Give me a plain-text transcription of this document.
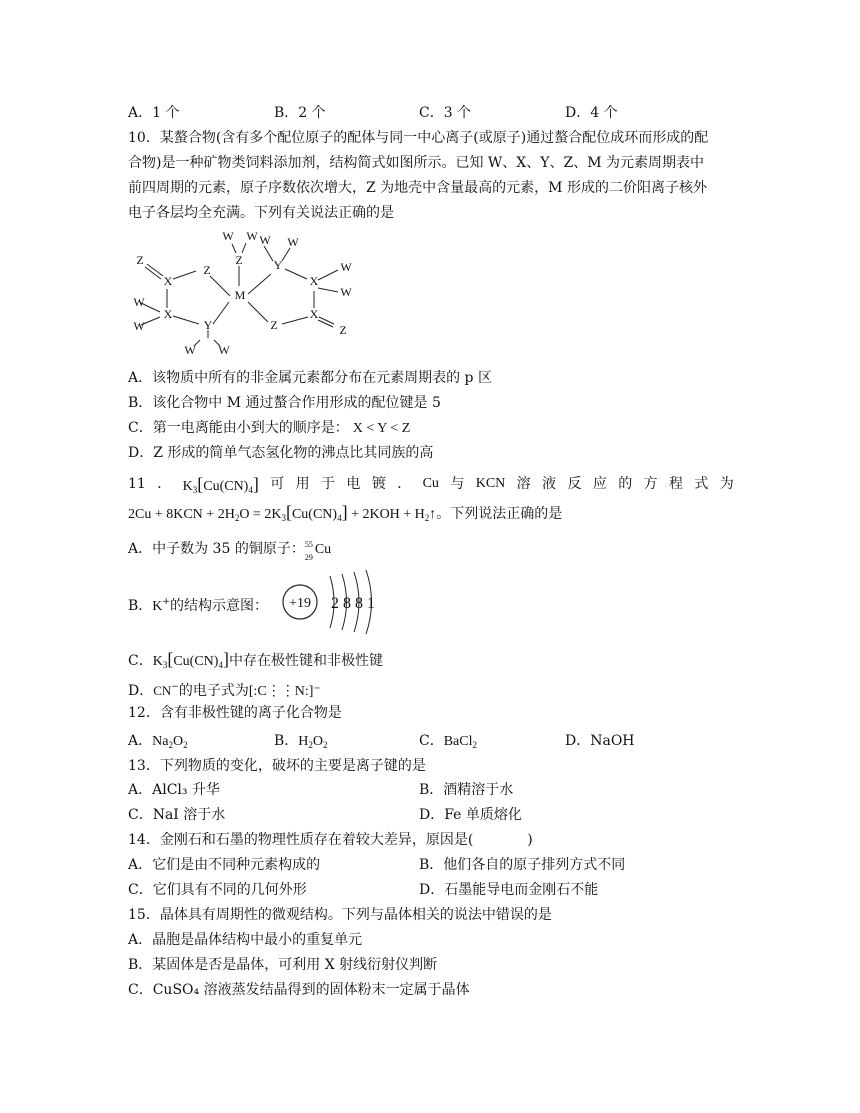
A．1 个	B．2 个	C．3 个	D．4 个
10．某螯合物(含有多个配位原子的配体与同一中心离子(或原子)通过螯合配位成环而形成的配
合物)是一种矿物类饲料添加剂，结构简式如图所示。已知 W、X、Y、Z、M 为元素周期表中
前四周期的元素，原子序数依次增大，Z 为地壳中含量最高的元素，M 形成的二价阳离子核外
电子各层均全充满。下列有关说法正确的是
W W W W
Z	Y	W
Z
X
Z
M
X
W
W
X
W
X
Z	Z
Y
W W
A．该物质中所有的非金属元素都分布在元素周期表的 p 区
B．该化合物中 M 通过螯合作用形成的配位键是 5
C．第一电离能由小到大的顺序是： X < Y < Z
D．Z 形成的简单气态氢化物的沸点比其同族的高
11 ． $K_3[Cu(CN)_4]$ 可 用 于 电 镀 ． Cu 与 KCN 溶 液 反 应 的 方 程 式 为
$2Cu + 8KCN + 2H_2O = 2K_3[Cu(CN)_4] + 2KOH$ + $H_2↑$。下列说法正确的是
A．中子数为 35 的铜原子： 55
29
Cu
B．K+的结构示意图： +19 2 8 8 1
C．$K_3[Cu(CN)_4]$中存在极性键和非极性键
D．CN−的电子式为[:C⋮⋮N:]⁻
12．含有非极性键的离子化合物是
A．$Na_2O_2$	B．$H_2O_2$	C．BaCl$_2$	D．NaOH
13．下列物质的变化，破坏的主要是离子键的是
A．AlCl₃ 升华	B．酒精溶于水
C．NaI 溶于水	D．Fe 单质熔化
14．金刚石和石墨的物理性质存在着较大差异，原因是(	)
A．它们是由不同种元素构成的	B．他们各自的原子排列方式不同
C．它们具有不同的几何外形	D．石墨能导电而金刚石不能
15．晶体具有周期性的微观结构。下列与晶体相关的说法中错误的是
A．晶胞是晶体结构中最小的重复单元
B．某固体是否是晶体，可利用 X 射线衍射仪判断
C．CuSO₄ 溶液蒸发结晶得到的固体粉末一定属于晶体
